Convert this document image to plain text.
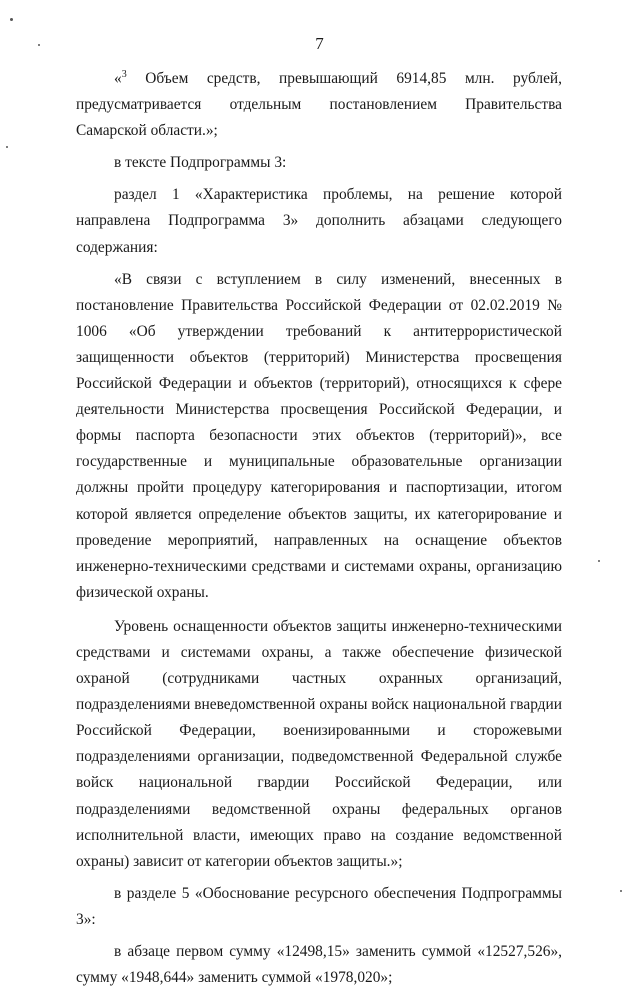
7

«$^3$ Объем средств, превышающий 6914,85 млн. рублей, предусматривается отдельным постановлением Правительства Самарской области.»;

в тексте Подпрограммы 3:

раздел 1 «Характеристика проблемы, на решение которой направлена Подпрограмма 3» дополнить абзацами следующего содержания:

«В связи с вступлением в силу изменений, внесенных в постановление Правительства Российской Федерации от 02.02.2019 № 1006 «Об утверждении требований к антитеррористической защищенности объектов (территорий) Министерства просвещения Российской Федерации и объектов (территорий), относящихся к сфере деятельности Министерства просвещения Российской Федерации, и формы паспорта безопасности этих объектов (территорий)», все государственные и муниципальные образовательные организации должны пройти процедуру категорирования и паспортизации, итогом которой является определение объектов защиты, их категорирование и проведение мероприятий, направленных на оснащение объектов инженерно-техническими средствами и системами охраны, организацию физической охраны.

Уровень оснащенности объектов защиты инженерно-техническими средствами и системами охраны, а также обеспечение физической охраной (сотрудниками частных охранных организаций, подразделениями вневедомственной охраны войск национальной гвардии Российской Федерации, военизированными и сторожевыми подразделениями организации, подведомственной Федеральной службе войск национальной гвардии Российской Федерации, или подразделениями ведомственной охраны федеральных органов исполнительной власти, имеющих право на создание ведомственной охраны) зависит от категории объектов защиты.»;

в разделе 5 «Обоснование ресурсного обеспечения Подпрограммы 3»:

в абзаце первом сумму «12498,15» заменить суммой «12527,526», сумму «1948,644» заменить суммой «1978,020»;
